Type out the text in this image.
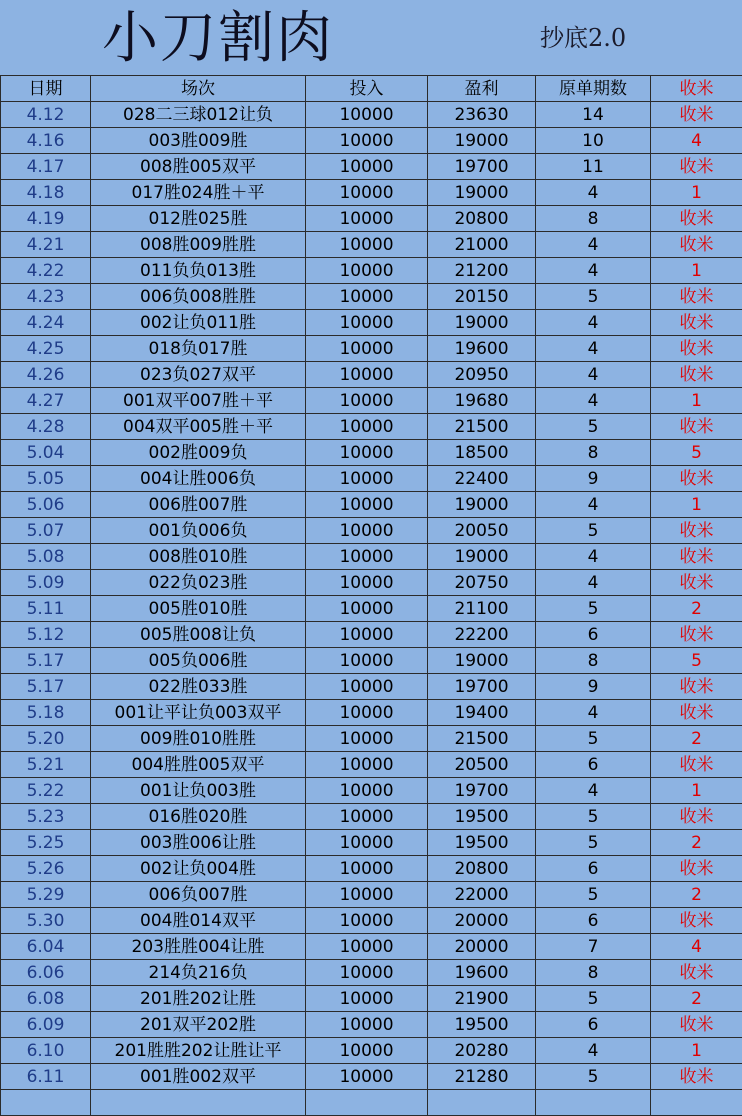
小刀割肉	抄底2.0
日期	场次	投入	盈利	原单期数	收米
4.12	028二三球012让负	10000	23630	14	收米
4.16	003胜009胜	10000	19000	10	4
4.17	008胜005双平	10000	19700	11	收米
4.18	017胜024胜＋平	10000	19000	4	1
4.19	012胜025胜	10000	20800	8	收米
4.21	008胜009胜胜	10000	21000	4	收米
4.22	011负负013胜	10000	21200	4	1
4.23	006负008胜胜	10000	20150	5	收米
4.24	002让负011胜	10000	19000	4	收米
4.25	018负017胜	10000	19600	4	收米
4.26	023负027双平	10000	20950	4	收米
4.27	001双平007胜＋平	10000	19680	4	1
4.28	004双平005胜＋平	10000	21500	5	收米
5.04	002胜009负	10000	18500	8	5
5.05	004让胜006负	10000	22400	9	收米
5.06	006胜007胜	10000	19000	4	1
5.07	001负006负	10000	20050	5	收米
5.08	008胜010胜	10000	19000	4	收米
5.09	022负023胜	10000	20750	4	收米
5.11	005胜010胜	10000	21100	5	2
5.12	005胜008让负	10000	22200	6	收米
5.17	005负006胜	10000	19000	8	5
5.17	022胜033胜	10000	19700	9	收米
5.18	001让平让负003双平	10000	19400	4	收米
5.20	009胜010胜胜	10000	21500	5	2
5.21	004胜胜005双平	10000	20500	6	收米
5.22	001让负003胜	10000	19700	4	1
5.23	016胜020胜	10000	19500	5	收米
5.25	003胜006让胜	10000	19500	5	2
5.26	002让负004胜	10000	20800	6	收米
5.29	006负007胜	10000	22000	5	2
5.30	004胜014双平	10000	20000	6	收米
6.04	203胜胜004让胜	10000	20000	7	4
6.06	214负216负	10000	19600	8	收米
6.08	201胜202让胜	10000	21900	5	2
6.09	201双平202胜	10000	19500	6	收米
6.10	201胜胜202让胜让平	10000	20280	4	1
6.11	001胜002双平	10000	21280	5	收米
